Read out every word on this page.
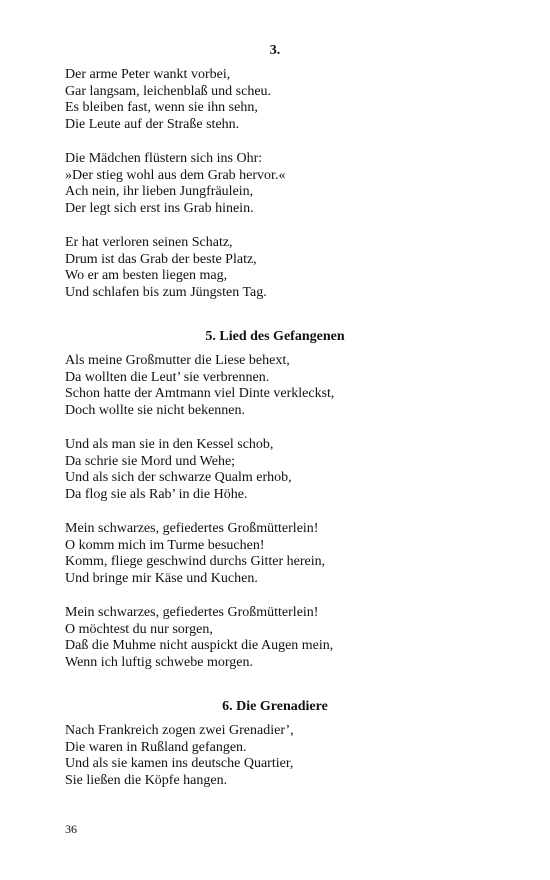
3.
Der arme Peter wankt vorbei,
Gar langsam, leichenblaß und scheu.
Es bleiben fast, wenn sie ihn sehn,
Die Leute auf der Straße stehn.
Die Mädchen flüstern sich ins Ohr:
»Der stieg wohl aus dem Grab hervor.«
Ach nein, ihr lieben Jungfräulein,
Der legt sich erst ins Grab hinein.
Er hat verloren seinen Schatz,
Drum ist das Grab der beste Platz,
Wo er am besten liegen mag,
Und schlafen bis zum Jüngsten Tag.
5. Lied des Gefangenen
Als meine Großmutter die Liese behext,
Da wollten die Leut’ sie verbrennen.
Schon hatte der Amtmann viel Dinte verkleckst,
Doch wollte sie nicht bekennen.
Und als man sie in den Kessel schob,
Da schrie sie Mord und Wehe;
Und als sich der schwarze Qualm erhob,
Da flog sie als Rab’ in die Höhe.
Mein schwarzes, gefiedertes Großmütterlein!
O komm mich im Turme besuchen!
Komm, fliege geschwind durchs Gitter herein,
Und bringe mir Käse und Kuchen.
Mein schwarzes, gefiedertes Großmütterlein!
O möchtest du nur sorgen,
Daß die Muhme nicht auspickt die Augen mein,
Wenn ich luftig schwebe morgen.
6. Die Grenadiere
Nach Frankreich zogen zwei Grenadier’,
Die waren in Rußland gefangen.
Und als sie kamen ins deutsche Quartier,
Sie ließen die Köpfe hangen.
36
